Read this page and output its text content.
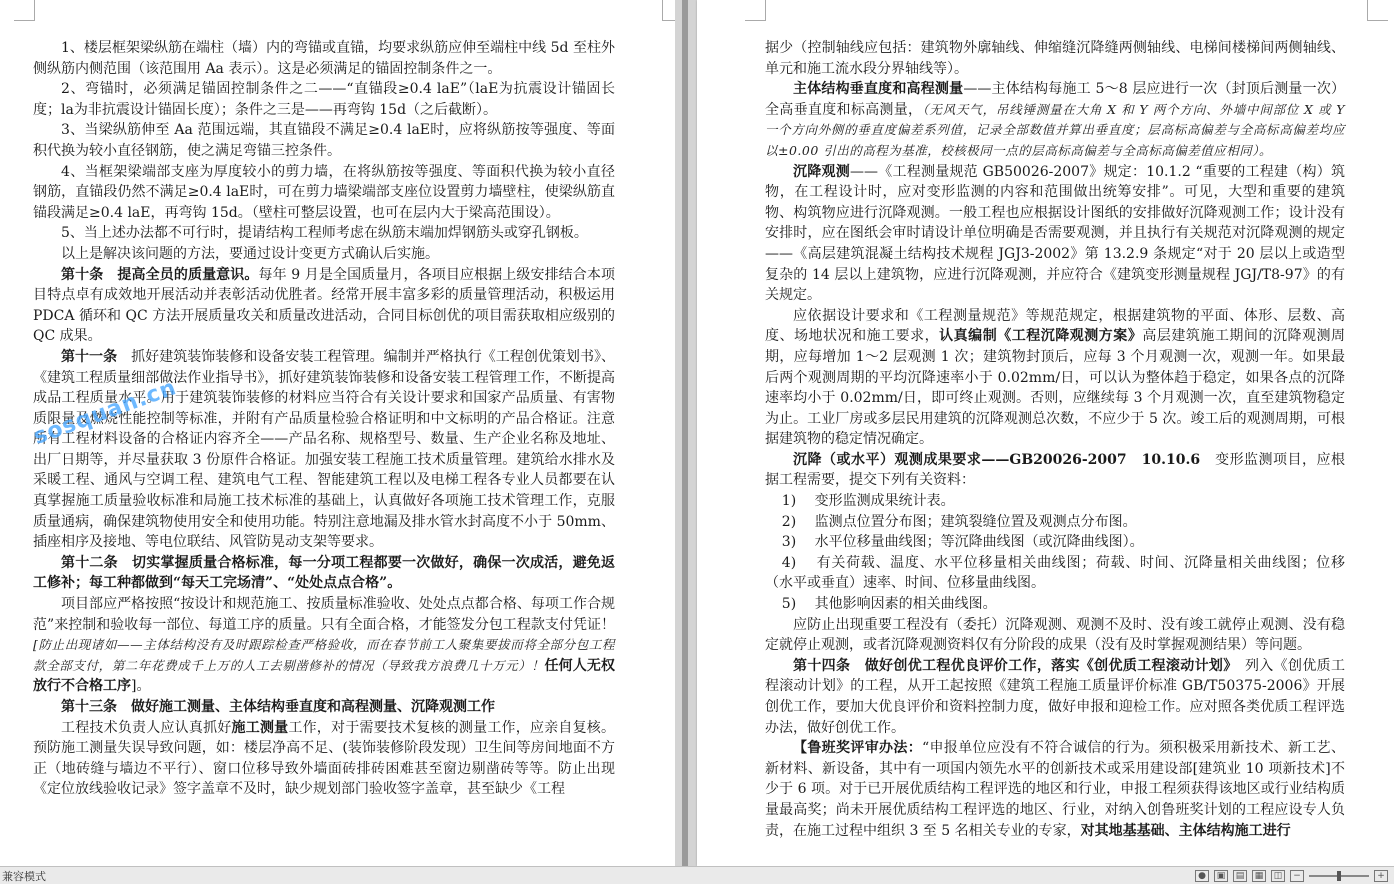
1、楼层框架梁纵筋在端柱（墙）内的弯锚或直锚，均要求纵筋应伸至端柱中线 5d 至柱外侧纵筋内侧范围（该范围用 Aa 表示）。这是必须满足的锚固控制条件之一。

2、弯锚时，必须满足锚固控制条件之二——“直锚段≥0.4 laE”（laE为抗震设计锚固长度；la为非抗震设计锚固长度）；条件之三是——再弯钩 15d（之后截断）。

3、当梁纵筋伸至 Aa 范围远端，其直锚段不满足≥0.4 laE时，应将纵筋按等强度、等面积代换为较小直径钢筋，使之满足弯锚三控条件。

4、当框架梁端部支座为厚度较小的剪力墙，在将纵筋按等强度、等面积代换为较小直径钢筋，直锚段仍然不满足≥0.4 laE时，可在剪力墙梁端部支座位设置剪力墙壁柱，使梁纵筋直锚段满足≥0.4 laE，再弯钩 15d。（壁柱可整层设置，也可在层内大于梁高范围设）。

5、当上述办法都不可行时，提请结构工程师考虑在纵筋末端加焊钢筋头或穿孔钢板。

以上是解决该问题的方法，要通过设计变更方式确认后实施。

第十条　提高全员的质量意识。每年 9 月是全国质量月，各项目应根据上级安排结合本项目特点卓有成效地开展活动并表彰活动优胜者。经常开展丰富多彩的质量管理活动，积极运用 PDCA 循环和 QC 方法开展质量攻关和质量改进活动，合同目标创优的项目需获取相应级别的 QC 成果。

第十一条　 抓好建筑装饰装修和设备安装工程管理。编制并严格执行《工程创优策划书》、《建筑工程质量细部做法作业指导书》，抓好建筑装饰装修和设备安装工程管理工作，不断提高成品工程质量水平。用于建筑装饰装修的材料应当符合有关设计要求和国家产品质量、有害物质限量及燃烧性能控制等标准，并附有产品质量检验合格证明和中文标明的产品合格证。注意所有工程材料设备的合格证内容齐全——产品名称、规格型号、数量、生产企业名称及地址、出厂日期等，并尽量获取 3 份原件合格证。加强安装工程施工技术质量管理。建筑给水排水及采暖工程、通风与空调工程、建筑电气工程、智能建筑工程以及电梯工程各专业人员都要在认真掌握施工质量验收标准和局施工技术标准的基础上，认真做好各项施工技术管理工作，克服质量通病，确保建筑物使用安全和使用功能。特别注意地漏及排水管水封高度不小于 50mm、插座相序及接地、等电位联结、风管防晃动支架等要求。

第十二条　切实掌握质量合格标准，每一分项工程都要一次做好，确保一次成活，避免返工修补；每工种都做到“每天工完场清”、“处处点点合格”。

项目部应严格按照“按设计和规范施工、按质量标准验收、处处点点都合格、每项工作合规范”来控制和验收每一部位、每道工序的质量。只有全面合格，才能签发分包工程款支付凭证！[防止出现诸如——主体结构没有及时跟踪检查严格验收，而在春节前工人聚集要拔而将全部分包工程款全部支付，第二年花费成千上万的人工去剔凿修补的情况（导致我方浪费几十万元）！任何人无权放行不合格工序]。

第十三条　做好施工测量、主体结构垂直度和高程测量、沉降观测工作

工程技术负责人应认真抓好施工测量工作，对于需要技术复核的测量工作，应亲自复核。预防施工测量失误导致问题，如：楼层净高不足、(装饰装修阶段发现）卫生间等房间地面不方正（地砖缝与墙边不平行）、窗口位移导致外墙面砖排砖困难甚至窗边剔凿砖等等。防止出现《定位放线验收记录》签字盖章不及时，缺少规划部门验收签字盖章，甚至缺少《工程

sosquan.cn

据少（控制轴线应包括：建筑物外廓轴线、伸缩缝沉降缝两侧轴线、电梯间楼梯间两侧轴线、单元和施工流水段分界轴线等）。

主体结构垂直度和高程测量——主体结构每施工 5～8 层应进行一次（封顶后测量一次）全高垂直度和标高测量，（无风天气，吊线锤测量在大角 X 和 Y 两个方向、外墙中间部位 X 或 Y 一个方向外侧的垂直度偏差系列值，记录全部数值并算出垂直度；层高标高偏差与全高标高偏差均应以±0.00 引出的高程为基准，校核极同一点的层高标高偏差与全高标高偏差值应相同）。

沉降观测——《工程测量规范 GB50026-2007》规定：10.1.2 “重要的工程建（构）筑物，在工程设计时，应对变形监测的内容和范围做出统筹安排”。可见，大型和重要的建筑物、构筑物应进行沉降观测。一般工程也应根据设计图纸的安排做好沉降观测工作；设计没有安排时，应在图纸会审时请设计单位明确是否需要观测，并且执行有关规范对沉降观测的规定——《高层建筑混凝土结构技术规程 JGJ3-2002》第 13.2.9 条规定“对于 20 层以上或造型复杂的 14 层以上建筑物，应进行沉降观测，并应符合《建筑变形测量规程 JGJ/T8-97》的有关规定。

应依据设计要求和《工程测量规范》等规范规定，根据建筑物的平面、体形、层数、高度、场地状况和施工要求，认真编制《工程沉降观测方案》高层建筑施工期间的沉降观测周期，应每增加 1～2 层观测 1 次；建筑物封顶后，应每 3 个月观测一次，观测一年。如果最后两个观测周期的平均沉降速率小于 0.02mm/日，可以认为整体趋于稳定，如果各点的沉降速率均小于 0.02mm/日，即可终止观测。否则，应继续每 3 个月观测一次，直至建筑物稳定为止。工业厂房或多层民用建筑的沉降观测总次数，不应少于 5 次。竣工后的观测周期，可根据建筑物的稳定情况确定。

沉降（或水平）观测成果要求——GB20026-2007　10.10.6　 变形监测项目，应根据工程需要，提交下列有关资料：

1)　 变形监测成果统计表。

2)　 监测点位置分布图；建筑裂缝位置及观测点分布图。

3)　 水平位移量曲线图；等沉降曲线图（或沉降曲线图）。

4)　 有关荷载、温度、水平位移量相关曲线图；荷载、时间、沉降量相关曲线图；位移（水平或垂直）速率、时间、位移量曲线图。

5)　 其他影响因素的相关曲线图。

应防止出现重要工程没有（委托）沉降观测、观测不及时、没有竣工就停止观测、没有稳定就停止观测，或者沉降观测资料仅有分阶段的成果（没有及时掌握观测结果）等问题。

第十四条　做好创优工程优良评价工作，落实《创优质工程滚动计划》　 列入《创优质工程滚动计划》的工程，从开工起按照《建筑工程施工质量评价标准 GB/T50375-2006》开展创优工作，要加大优良评价和资料控制力度，做好申报和迎检工作。应对照各类优质工程评选办法，做好创优工作。

【鲁班奖评审办法：“申报单位应没有不符合诚信的行为。须积极采用新技术、新工艺、新材料、新设备，其中有一项国内领先水平的创新技术或采用建设部[建筑业 10 项新技术]不少于 6 项。对于已开展优质结构工程评选的地区和行业，申报工程须获得该地区或行业结构质量最高奖；尚未开展优质结构工程评选的地区、行业，对纳入创鲁班奖计划的工程应设专人负责，在施工过程中组织 3 至 5 名相关专业的专家，对其地基基础、主体结构施工进行

兼容模式	●	▣	▤	▦	◫	−	+
